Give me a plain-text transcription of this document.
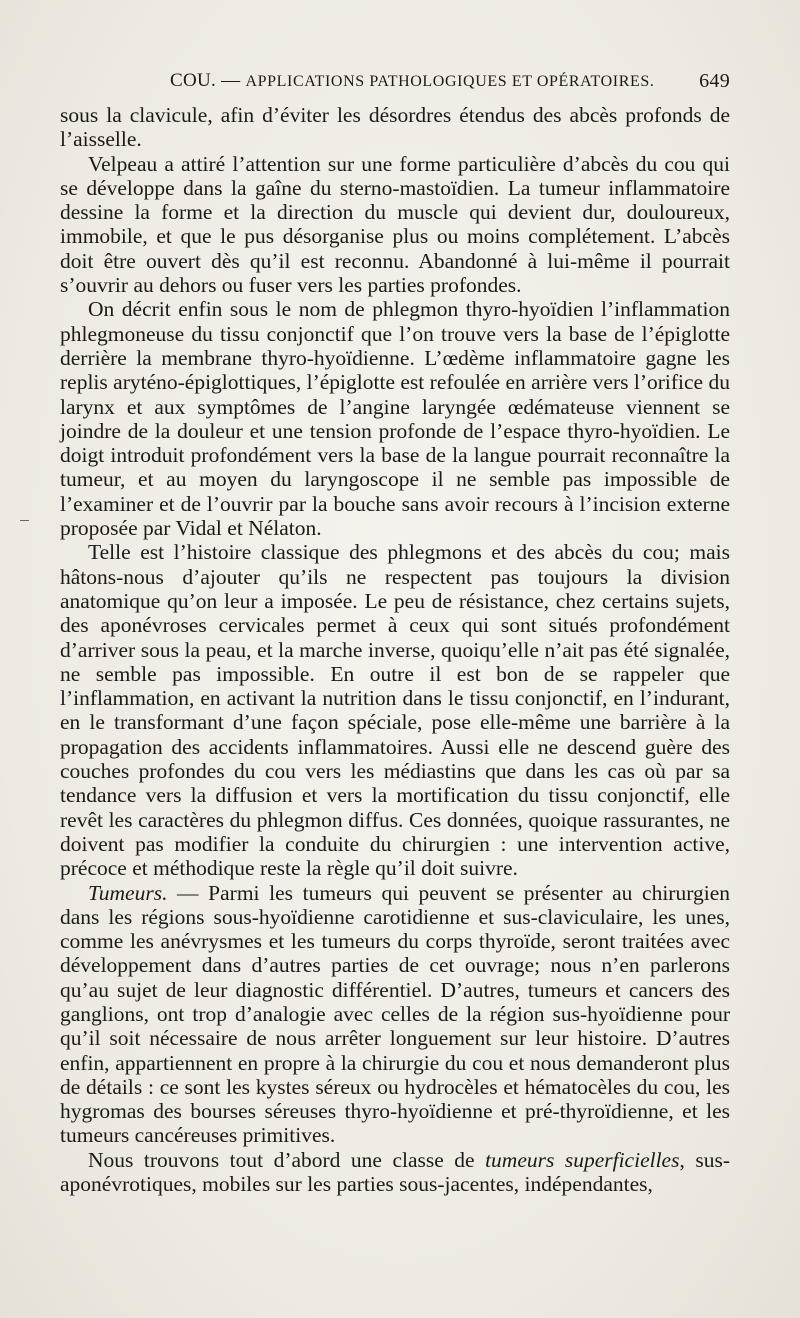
COU. — APPLICATIONS PATHOLOGIQUES ET OPÉRATOIRES. 649

sous la clavicule, afin d’éviter les désordres étendus des abcès profonds de l’aisselle.

Velpeau a attiré l’attention sur une forme particulière d’abcès du cou qui se développe dans la gaîne du sterno-mastoïdien. La tumeur inflammatoire dessine la forme et la direction du muscle qui devient dur, douloureux, immobile, et que le pus désorganise plus ou moins complétement. L’abcès doit être ouvert dès qu’il est reconnu. Abandonné à lui-même il pourrait s’ouvrir au dehors ou fuser vers les parties profondes.

On décrit enfin sous le nom de phlegmon thyro-hyoïdien l’inflammation phlegmoneuse du tissu conjonctif que l’on trouve vers la base de l’épiglotte derrière la membrane thyro-hyoïdienne. L’œdème inflammatoire gagne les replis aryténo-épiglottiques, l’épiglotte est refoulée en arrière vers l’orifice du larynx et aux symptômes de l’angine laryngée œdémateuse viennent se joindre de la douleur et une tension profonde de l’espace thyro-hyoïdien. Le doigt introduit profondément vers la base de la langue pourrait reconnaître la tumeur, et au moyen du laryngoscope il ne semble pas impossible de l’examiner et de l’ouvrir par la bouche sans avoir recours à l’incision externe proposée par Vidal et Nélaton.

Telle est l’histoire classique des phlegmons et des abcès du cou; mais hâtons-nous d’ajouter qu’ils ne respectent pas toujours la division anatomique qu’on leur a imposée. Le peu de résistance, chez certains sujets, des aponévroses cervicales permet à ceux qui sont situés profondément d’arriver sous la peau, et la marche inverse, quoiqu’elle n’ait pas été signalée, ne semble pas impossible. En outre il est bon de se rappeler que l’inflammation, en activant la nutrition dans le tissu conjonctif, en l’indurant, en le transformant d’une façon spéciale, pose elle-même une barrière à la propagation des accidents inflammatoires. Aussi elle ne descend guère des couches profondes du cou vers les médiastins que dans les cas où par sa tendance vers la diffusion et vers la mortification du tissu conjonctif, elle revêt les caractères du phlegmon diffus. Ces données, quoique rassurantes, ne doivent pas modifier la conduite du chirurgien : une intervention active, précoce et méthodique reste la règle qu’il doit suivre.

Tumeurs. — Parmi les tumeurs qui peuvent se présenter au chirurgien dans les régions sous-hyoïdienne carotidienne et sus-claviculaire, les unes, comme les anévrysmes et les tumeurs du corps thyroïde, seront traitées avec développement dans d’autres parties de cet ouvrage; nous n’en parlerons qu’au sujet de leur diagnostic différentiel. D’autres, tumeurs et cancers des ganglions, ont trop d’analogie avec celles de la région sus-hyoïdienne pour qu’il soit nécessaire de nous arrêter longuement sur leur histoire. D’autres enfin, appartiennent en propre à la chirurgie du cou et nous demanderont plus de détails : ce sont les kystes séreux ou hydrocèles et hématocèles du cou, les hygromas des bourses séreuses thyro-hyoïdienne et pré-thyroïdienne, et les tumeurs cancéreuses primitives.

Nous trouvons tout d’abord une classe de tumeurs superficielles, sus-aponévrotiques, mobiles sur les parties sous-jacentes, indépendantes,
